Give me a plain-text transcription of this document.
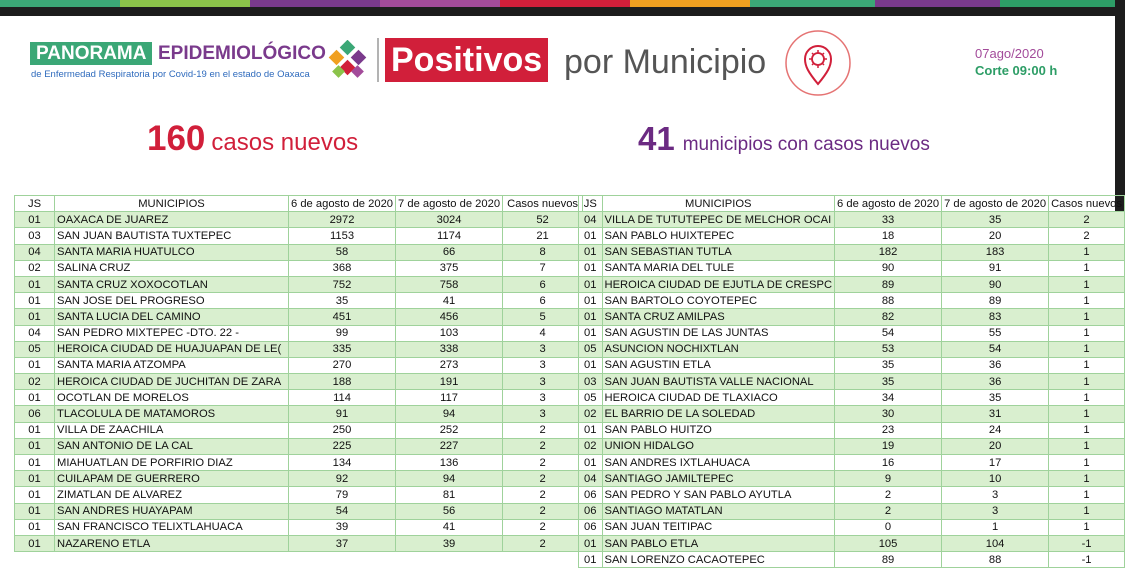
PANORAMA EPIDEMIOLÓGICO
de Enfermedad Respiratoria por Covid-19 en el estado de Oaxaca Positivos por Municipio	07ago/2020
Corte 09:00 h
160 casos nuevos	41 municipios con casos nuevos
JS	MUNICIPIOS	6 de agosto de 2020	7 de agosto de 2020	Casos nuevos
01	OAXACA DE JUAREZ	2972	3024	52
03	SAN JUAN BAUTISTA TUXTEPEC	1153	1174	21
04	SANTA MARIA HUATULCO	58	66	8
02	SALINA CRUZ	368	375	7
01	SANTA CRUZ XOXOCOTLAN	752	758	6
01	SAN JOSE DEL PROGRESO	35	41	6
01	SANTA LUCIA DEL CAMINO	451	456	5
04	SAN PEDRO MIXTEPEC -DTO. 22 -	99	103	4
05	HEROICA CIUDAD DE HUAJUAPAN DE LE(	335	338	3
01	SANTA MARIA ATZOMPA	270	273	3
02	HEROICA CIUDAD DE JUCHITAN DE ZARA	188	191	3
01	OCOTLAN DE MORELOS	114	117	3
06	TLACOLULA DE MATAMOROS	91	94	3
01	VILLA DE ZAACHILA	250	252	2
01	SAN ANTONIO DE LA CAL	225	227	2
01	MIAHUATLAN DE PORFIRIO DIAZ	134	136	2
01	CUILAPAM DE GUERRERO	92	94	2
01	ZIMATLAN DE ALVAREZ	79	81	2
01	SAN ANDRES HUAYAPAM	54	56	2
01	SAN FRANCISCO TELIXTLAHUACA	39	41	2
01	NAZARENO ETLA	37	39	2
JS	MUNICIPIOS	6 de agosto de 2020	7 de agosto de 2020	Casos nuevos
04	VILLA DE TUTUTEPEC DE MELCHOR OCAI	33	35	2
01	SAN PABLO HUIXTEPEC	18	20	2
01	SAN SEBASTIAN TUTLA	182	183	1
01	SANTA MARIA DEL TULE	90	91	1
01	HEROICA CIUDAD DE EJUTLA DE CRESPC	89	90	1
01	SAN BARTOLO COYOTEPEC	88	89	1
01	SANTA CRUZ AMILPAS	82	83	1
01	SAN AGUSTIN DE LAS JUNTAS	54	55	1
05	ASUNCION NOCHIXTLAN	53	54	1
01	SAN AGUSTIN ETLA	35	36	1
03	SAN JUAN BAUTISTA VALLE NACIONAL	35	36	1
05	HEROICA CIUDAD DE TLAXIACO	34	35	1
02	EL BARRIO DE LA SOLEDAD	30	31	1
01	SAN PABLO HUITZO	23	24	1
02	UNION HIDALGO	19	20	1
01	SAN ANDRES IXTLAHUACA	16	17	1
04	SANTIAGO JAMILTEPEC	9	10	1
06	SAN PEDRO Y SAN PABLO AYUTLA	2	3	1
06	SANTIAGO MATATLAN	2	3	1
06	SAN JUAN TEITIPAC	0	1	1
01	SAN PABLO ETLA	105	104	-1
01	SAN LORENZO CACAOTEPEC	89	88	-1
